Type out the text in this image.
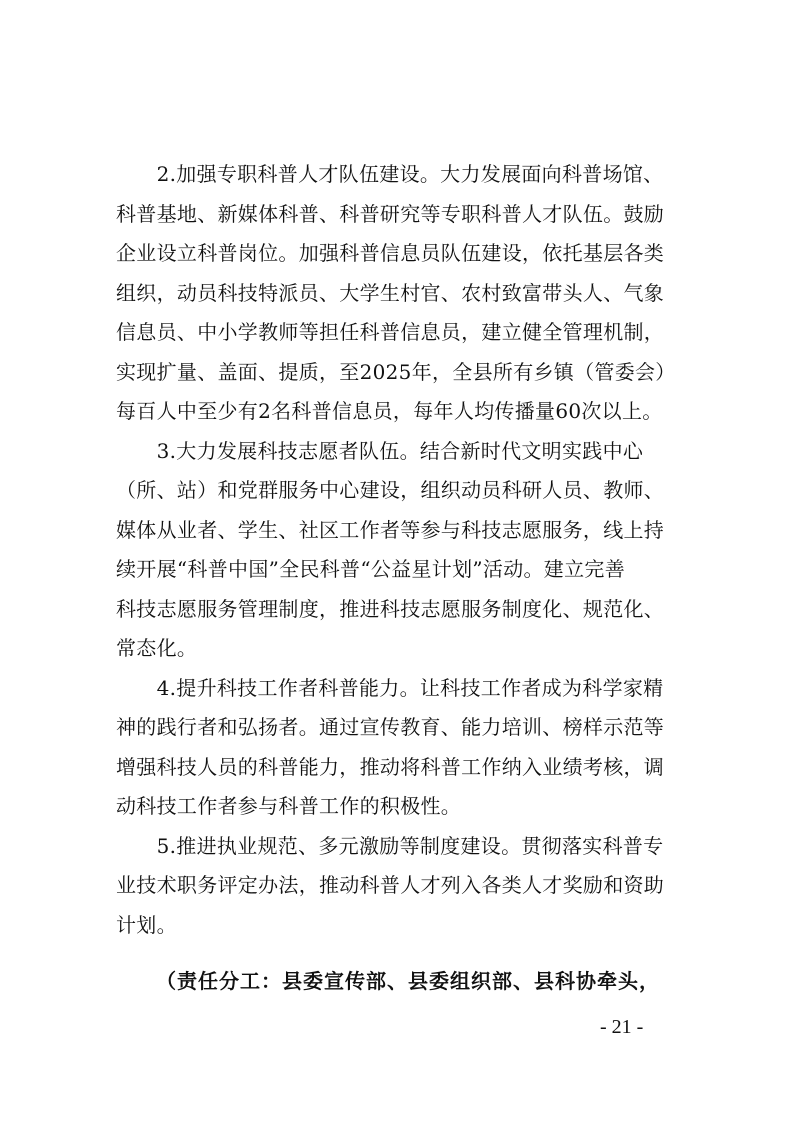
　　2.加强专职科普人才队伍建设。大力发展面向科普场馆、
科普基地、新媒体科普、科普研究等专职科普人才队伍。鼓励
企业设立科普岗位。加强科普信息员队伍建设，依托基层各类
组织，动员科技特派员、大学生村官、农村致富带头人、气象
信息员、中小学教师等担任科普信息员，建立健全管理机制，
实现扩量、盖面、提质，至2025年，全县所有乡镇（管委会）
每百人中至少有2名科普信息员，每年人均传播量60次以上。

　　3.大力发展科技志愿者队伍。结合新时代文明实践中心
（所、站）和党群服务中心建设，组织动员科研人员、教师、
媒体从业者、学生、社区工作者等参与科技志愿服务，线上持
续开展“科普中国”全民科普“公益星计划”活动。建立完善
科技志愿服务管理制度，推进科技志愿服务制度化、规范化、
常态化。

　　4.提升科技工作者科普能力。让科技工作者成为科学家精
神的践行者和弘扬者。通过宣传教育、能力培训、榜样示范等
增强科技人员的科普能力，推动将科普工作纳入业绩考核，调
动科技工作者参与科普工作的积极性。

　　5.推进执业规范、多元激励等制度建设。贯彻落实科普专
业技术职务评定办法，推动科普人才列入各类人才奖励和资助
计划。

（责任分工：县委宣传部、县委组织部、县科协牵头，
- 21 -
